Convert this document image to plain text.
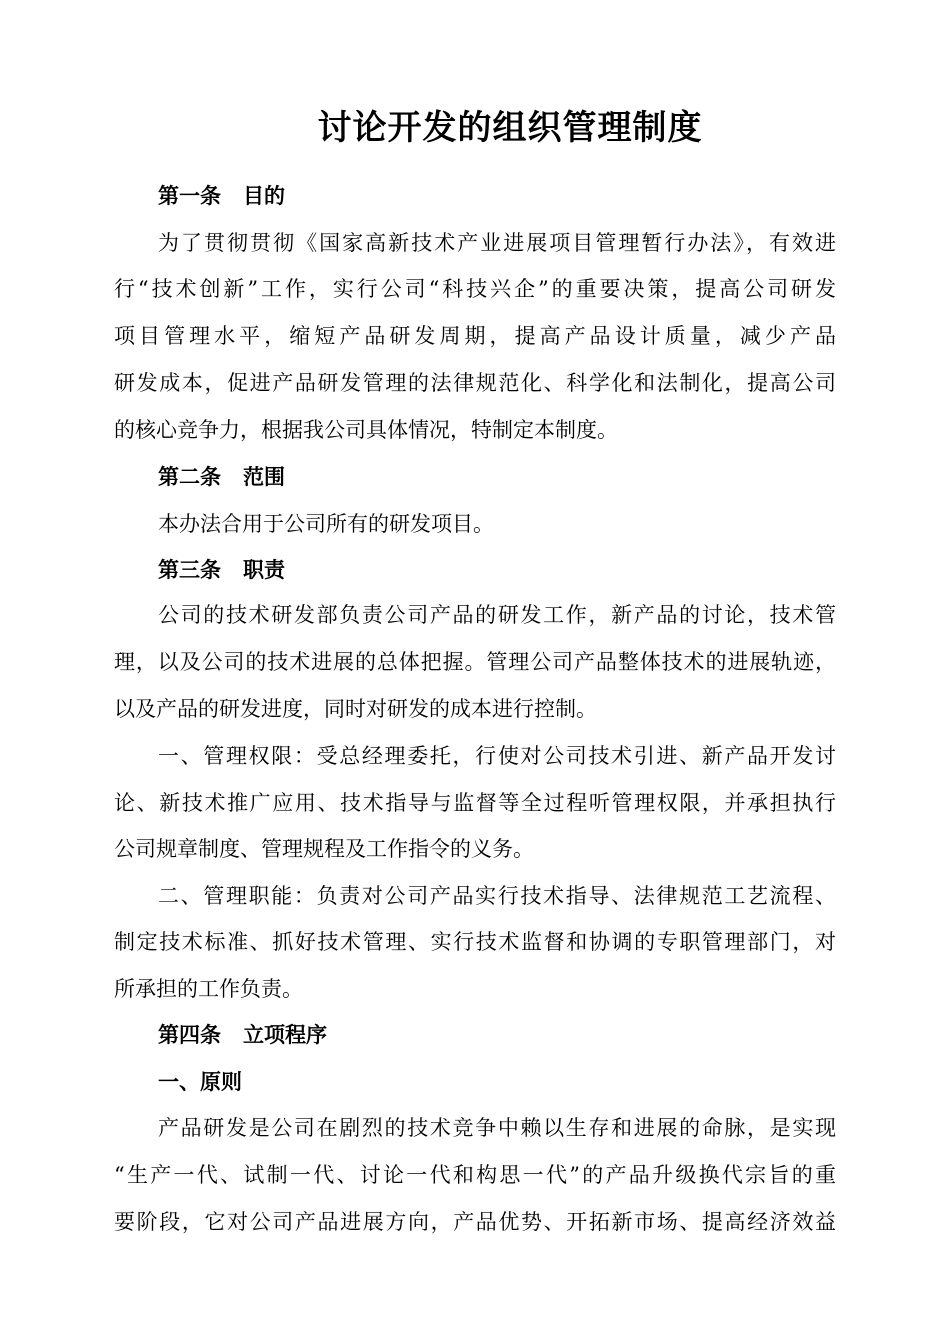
讨论开发的组织管理制度
第一条 目的
为了贯彻贯彻《国家高新技术产业进展项目管理暂行办法》，有效进
行“技术创新”工作，实行公司“科技兴企”的重要决策，提高公司研发
项目管理水平，缩短产品研发周期，提高产品设计质量，减少产品
研发成本，促进产品研发管理的法律规范化、科学化和法制化，提高公司
的核心竞争力，根据我公司具体情况，特制定本制度。
第二条 范围
本办法合用于公司所有的研发项目。
第三条 职责
公司的技术研发部负责公司产品的研发工作，新产品的讨论，技术管
理，以及公司的技术进展的总体把握。管理公司产品整体技术的进展轨迹，
以及产品的研发进度，同时对研发的成本进行控制。
一、管理权限：受总经理委托，行使对公司技术引进、新产品开发讨
论、新技术推广应用、技术指导与监督等全过程听管理权限，并承担执行
公司规章制度、管理规程及工作指令的义务。
二、管理职能：负责对公司产品实行技术指导、法律规范工艺流程、
制定技术标准、抓好技术管理、实行技术监督和协调的专职管理部门，对
所承担的工作负责。
第四条 立项程序
一、原则
产品研发是公司在剧烈的技术竞争中赖以生存和进展的命脉，是实现
“生产一代、试制一代、讨论一代和构思一代”的产品升级换代宗旨的重
要阶段，它对公司产品进展方向，产品优势、开拓新市场、提高经济效益
